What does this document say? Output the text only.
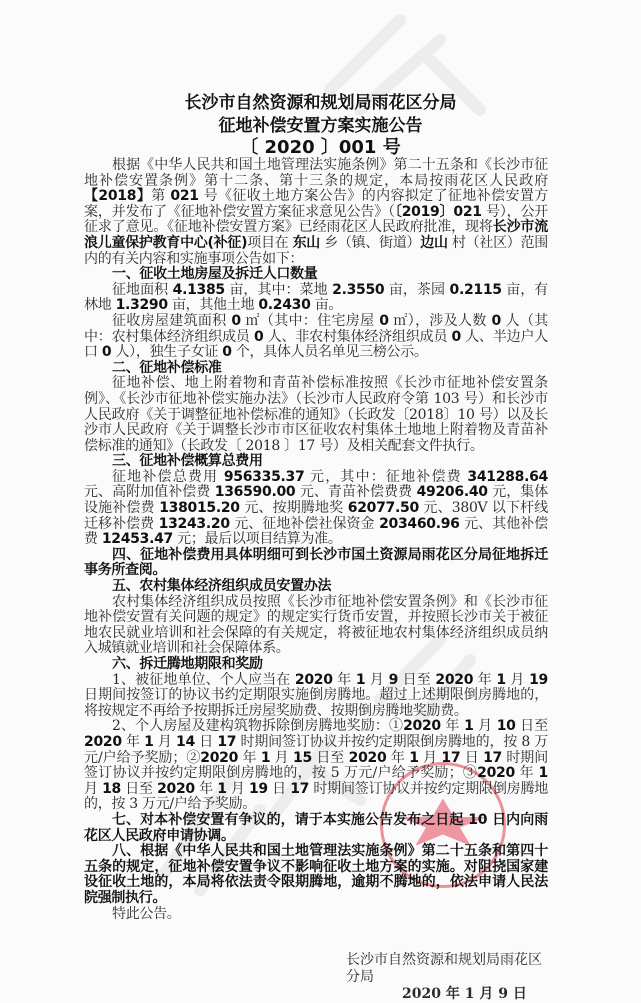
长沙市自然资源和规划局雨花区分局
征地补偿安置方案实施公告
〔 2020 〕001 号

根据《中华人民共和国土地管理法实施条例》第二十五条和《长沙市征地补偿安置条例》第十二条、第十三条的规定，本局按雨花区人民政府【2018】第 021 号《征收土地方案公告》的内容拟定了征地补偿安置方案，并发布了《征地补偿安置方案征求意见公告》（〔2019〕021 号），公开征求了意见。《征地补偿安置方案》已经雨花区人民政府批准，现将长沙市流浪儿童保护教育中心(补征)项目在 东山 乡（镇、街道）边山 村（社区）范围内的有关内容和实施事项公告如下：

一、征收土地房屋及拆迁人口数量

征地面积 4.1385 亩，其中：菜地 2.3550 亩，茶园 0.2115 亩，有林地 1.3290 亩，其他土地 0.2430 亩。

征收房屋建筑面积 0 ㎡（其中：住宅房屋 0 ㎡），涉及人数 0 人（其中：农村集体经济组织成员 0 人、非农村集体经济组织成员 0 人、半边户人口 0 人），独生子女证 0 个，具体人员名单见三榜公示。

二、征地补偿标准

征地补偿、地上附着物和青苗补偿标准按照《长沙市征地补偿安置条例》、《长沙市征地补偿实施办法》（长沙市人民政府令第 103 号）和长沙市人民政府《关于调整征地补偿标准的通知》（长政发〔2018〕10 号）以及长沙市人民政府《关于调整长沙市市区征收农村集体土地地上附着物及青苗补偿标准的通知》（长政发〔 2018 〕17 号）及相关配套文件执行。

三、征地补偿概算总费用

征地补偿总费用 956335.37 元，其中：征地补偿费 341288.64 元、高附加值补偿费 136590.00 元、青苗补偿费费 49206.40 元，集体设施补偿费 138015.20 元、按期腾地奖 62077.50 元、380V 以下杆线迁移补偿费 13243.20 元、征地补偿社保资金 203460.96 元、其他补偿费 12453.47 元；最后以项目结算为准。

四、征地补偿费用具体明细可到长沙市国土资源局雨花区分局征地拆迁事务所查阅。

五、农村集体经济组织成员安置办法

农村集体经济组织成员按照《长沙市征地补偿安置条例》和《长沙市征地补偿安置有关问题的规定》的规定实行货币安置，并按照长沙市关于被征地农民就业培训和社会保障的有关规定，将被征地农村集体经济组织成员纳入城镇就业培训和社会保障体系。

六、拆迁腾地期限和奖励

1、被征地单位、个人应当在 2020 年 1 月 9 日至 2020 年 1 月 19 日期间按签订的协议书约定期限实施倒房腾地。超过上述期限倒房腾地的，将按规定不再给予按期拆迁房屋奖励费、按期倒房腾地奖励费。

2、个人房屋及建构筑物拆除倒房腾地奖励：①2020 年 1 月 10 日至 2020 年 1 月 14 日 17 时期间签订协议并按约定期限倒房腾地的，按 8 万元/户给予奖励；②2020 年 1 月 15 日至 2020 年 1 月 17 日 17 时期间签订协议并按约定期限倒房腾地的，按 5 万元/户给予奖励；③2020 年 1 月 18 日至 2020 年 1 月 19 日 17 时期间签订协议并按约定期限倒房腾地的，按 3 万元/户给予奖励。

七、对本补偿安置有争议的，请于本实施公告发布之日起 10 日内向雨花区人民政府申请协调。

八、根据《中华人民共和国土地管理法实施条例》第二十五条和第四十五条的规定，征地补偿安置争议不影响征收土地方案的实施。对阻挠国家建设征收土地的，本局将依法责令限期腾地，逾期不腾地的，依法申请人民法院强制执行。

特此公告。

长沙市自然资源和规划局雨花区分局
2020 年 1 月 9 日
